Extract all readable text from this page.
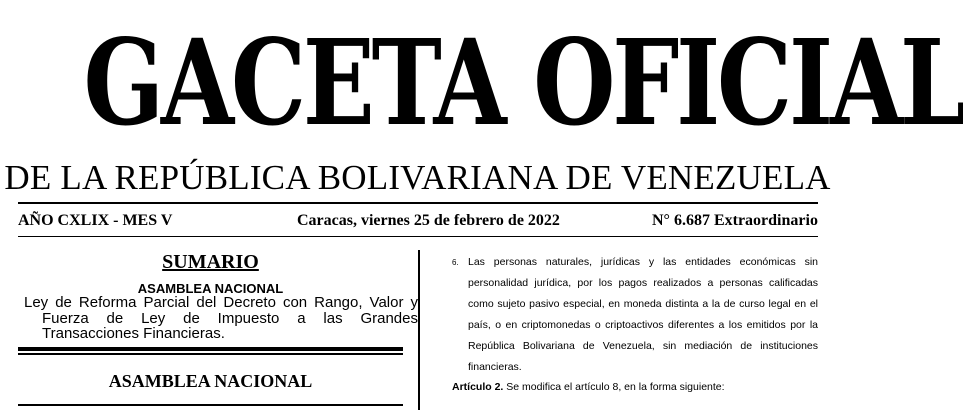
GACETA OFICIAL
DE LA REPÚBLICA BOLIVARIANA DE VENEZUELA
AÑO CXLIX - MES V	Caracas, viernes 25 de febrero de 2022	N° 6.687 Extraordinario
SUMARIO
ASAMBLEA NACIONAL
Ley de Reforma Parcial del Decreto con Rango, Valor y Fuerza de Ley de Impuesto a las Grandes Transacciones Financieras.
ASAMBLEA NACIONAL
6. Las personas naturales, jurídicas y las entidades económicas sin personalidad jurídica, por los pagos realizados a personas calificadas como sujeto pasivo especial, en moneda distinta a la de curso legal en el país, o en criptomonedas o criptoactivos diferentes a los emitidos por la República Bolivariana de Venezuela, sin mediación de instituciones financieras.
Artículo 2. Se modifica el artículo 8, en la forma siguiente:
